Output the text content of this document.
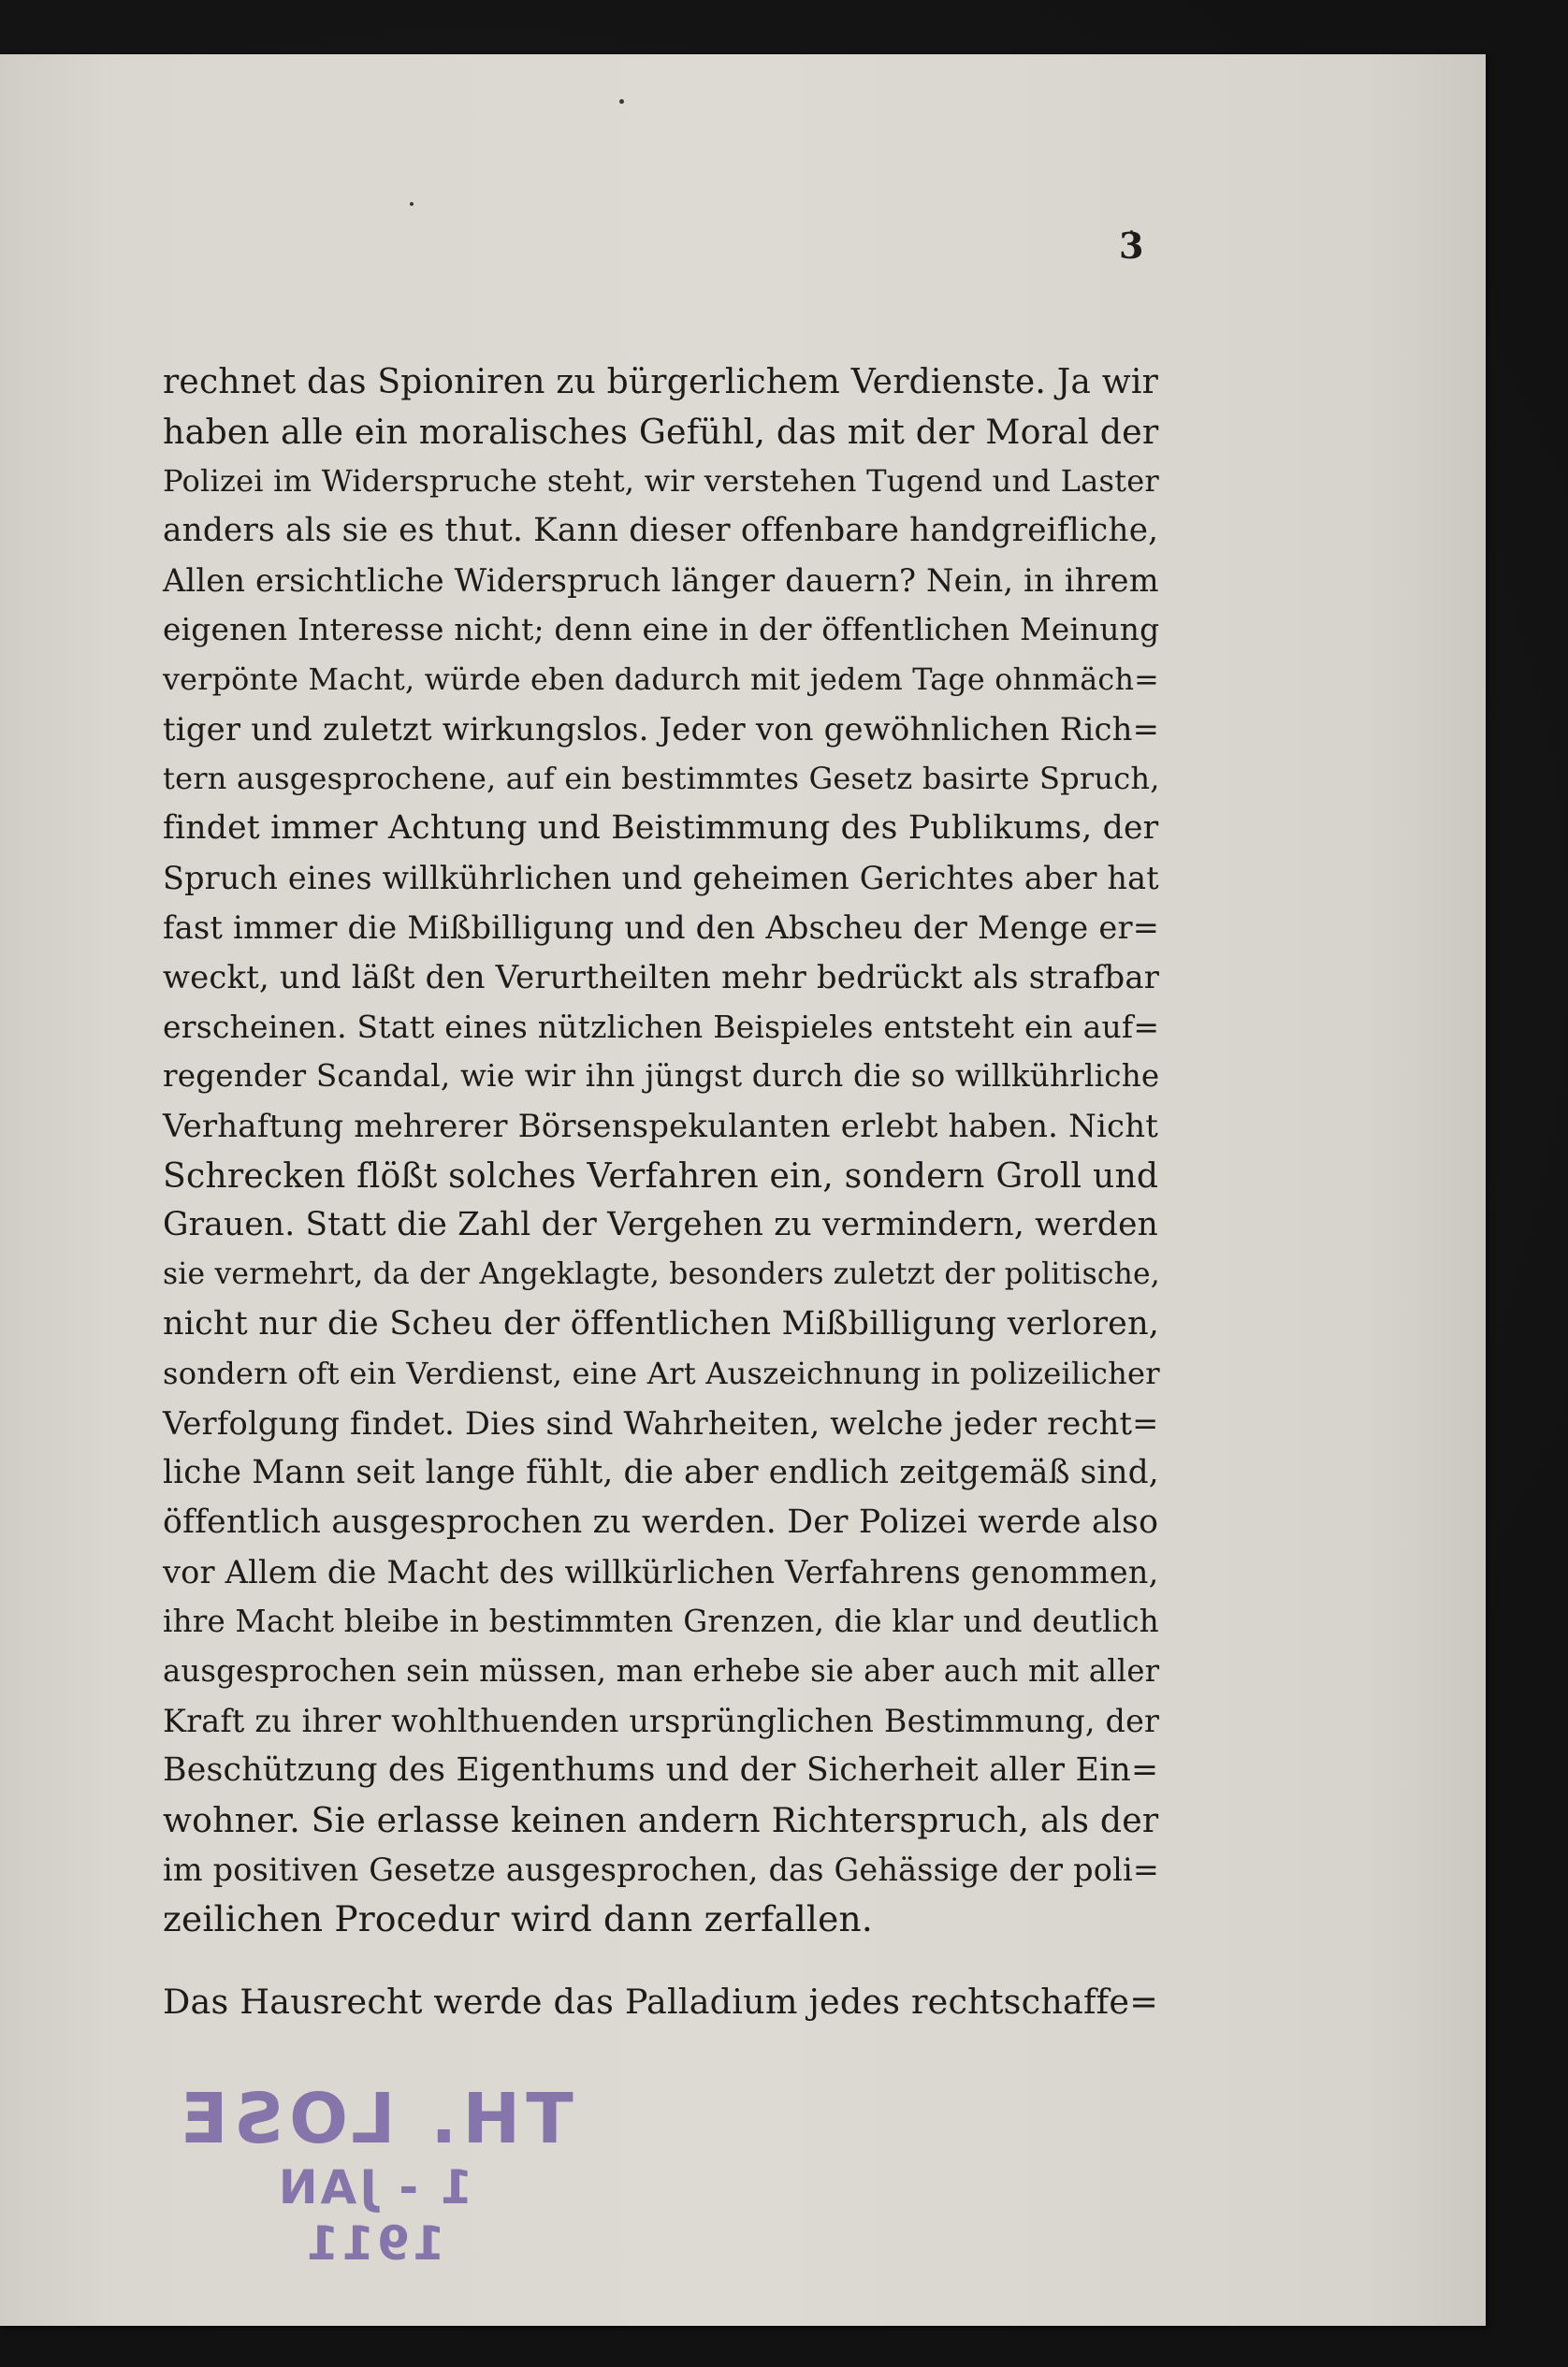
3
rechnet das Spioniren zu bürgerlichem Verdienste. Ja wir
haben alle ein moralisches Gefühl, das mit der Moral der
Polizei im Widerspruche steht, wir verstehen Tugend und Laster
anders als sie es thut. Kann dieser offenbare handgreifliche,
Allen ersichtliche Widerspruch länger dauern? Nein, in ihrem
eigenen Interesse nicht; denn eine in der öffentlichen Meinung
verpönte Macht, würde eben dadurch mit jedem Tage ohnmäch=
tiger und zuletzt wirkungslos. Jeder von gewöhnlichen Rich=
tern ausgesprochene, auf ein bestimmtes Gesetz basirte Spruch,
findet immer Achtung und Beistimmung des Publikums, der
Spruch eines willkührlichen und geheimen Gerichtes aber hat
fast immer die Mißbilligung und den Abscheu der Menge er=
weckt, und läßt den Verurtheilten mehr bedrückt als strafbar
erscheinen. Statt eines nützlichen Beispieles entsteht ein auf=
regender Scandal, wie wir ihn jüngst durch die so willkührliche
Verhaftung mehrerer Börsenspekulanten erlebt haben. Nicht
Schrecken flößt solches Verfahren ein, sondern Groll und
Grauen. Statt die Zahl der Vergehen zu vermindern, werden
sie vermehrt, da der Angeklagte, besonders zuletzt der politische,
nicht nur die Scheu der öffentlichen Mißbilligung verloren,
sondern oft ein Verdienst, eine Art Auszeichnung in polizeilicher
Verfolgung findet. Dies sind Wahrheiten, welche jeder recht=
liche Mann seit lange fühlt, die aber endlich zeitgemäß sind,
öffentlich ausgesprochen zu werden. Der Polizei werde also
vor Allem die Macht des willkürlichen Verfahrens genommen,
ihre Macht bleibe in bestimmten Grenzen, die klar und deutlich
ausgesprochen sein müssen, man erhebe sie aber auch mit aller
Kraft zu ihrer wohlthuenden ursprünglichen Bestimmung, der
Beschützung des Eigenthums und der Sicherheit aller Ein=
wohner. Sie erlasse keinen andern Richterspruch, als der
im positiven Gesetze ausgesprochen, das Gehässige der poli=
zeilichen Procedur wird dann zerfallen.
Das Hausrecht werde das Palladium jedes rechtschaffe=
TH. LOSE
1 - JAN 1911
